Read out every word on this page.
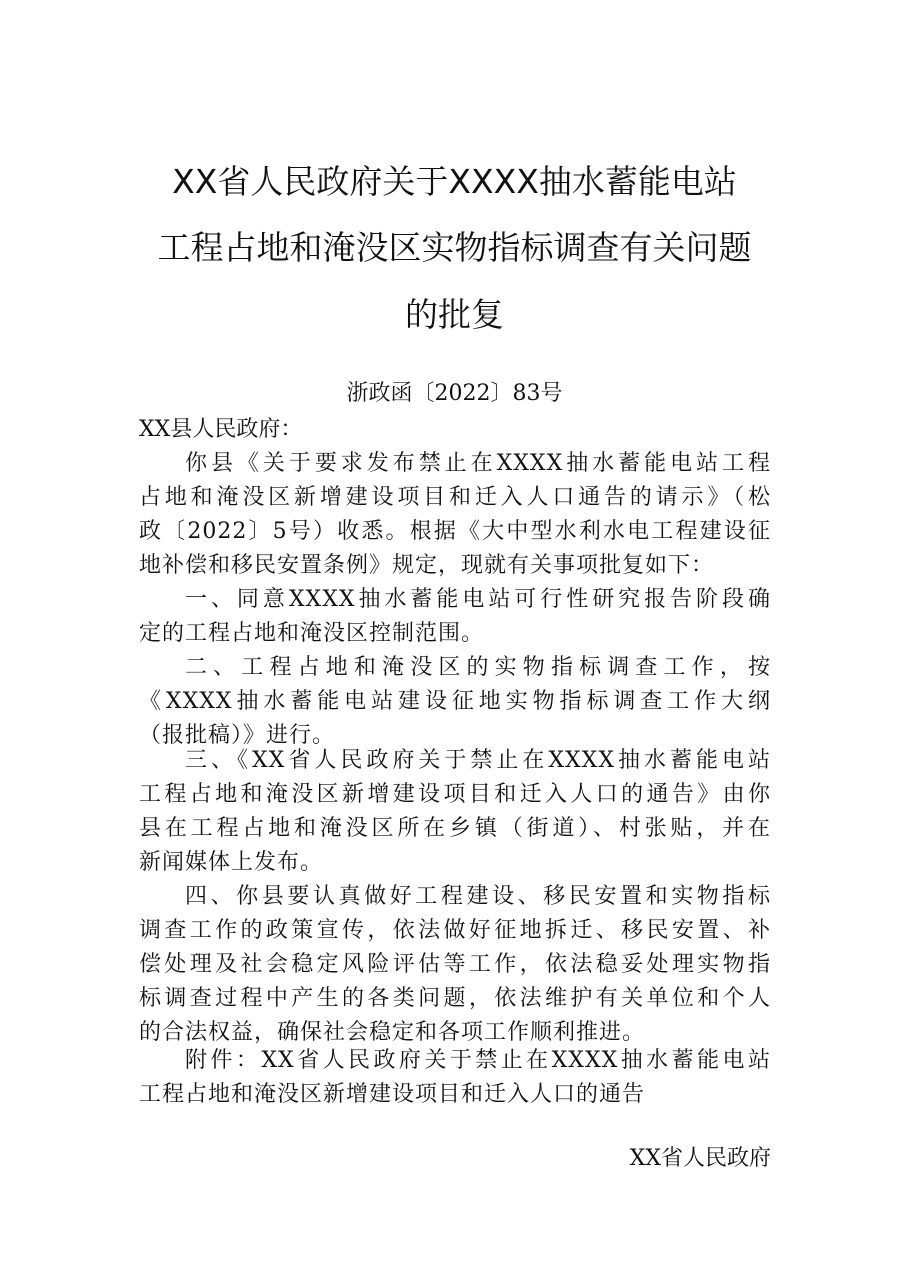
XX省人民政府关于XXXX抽水蓄能电站
工程占地和淹没区实物指标调查有关问题
的批复
浙政函〔2022〕83号
XX县人民政府：
你县《关于要求发布禁止在XXXX抽水蓄能电站工程
占地和淹没区新增建设项目和迁入人口通告的请示》（松
政〔2022〕5号）收悉。根据《大中型水利水电工程建设征
地补偿和移民安置条例》规定，现就有关事项批复如下：
一、同意XXXX抽水蓄能电站可行性研究报告阶段确
定的工程占地和淹没区控制范围。
二、工程占地和淹没区的实物指标调查工作，按
《XXXX抽水蓄能电站建设征地实物指标调查工作大纲
（报批稿）》进行。
三、《XX省人民政府关于禁止在XXXX抽水蓄能电站
工程占地和淹没区新增建设项目和迁入人口的通告》由你
县在工程占地和淹没区所在乡镇（街道）、村张贴，并在
新闻媒体上发布。
四、你县要认真做好工程建设、移民安置和实物指标
调查工作的政策宣传，依法做好征地拆迁、移民安置、补
偿处理及社会稳定风险评估等工作，依法稳妥处理实物指
标调查过程中产生的各类问题，依法维护有关单位和个人
的合法权益，确保社会稳定和各项工作顺利推进。
附件：XX省人民政府关于禁止在XXXX抽水蓄能电站
工程占地和淹没区新增建设项目和迁入人口的通告
XX省人民政府
